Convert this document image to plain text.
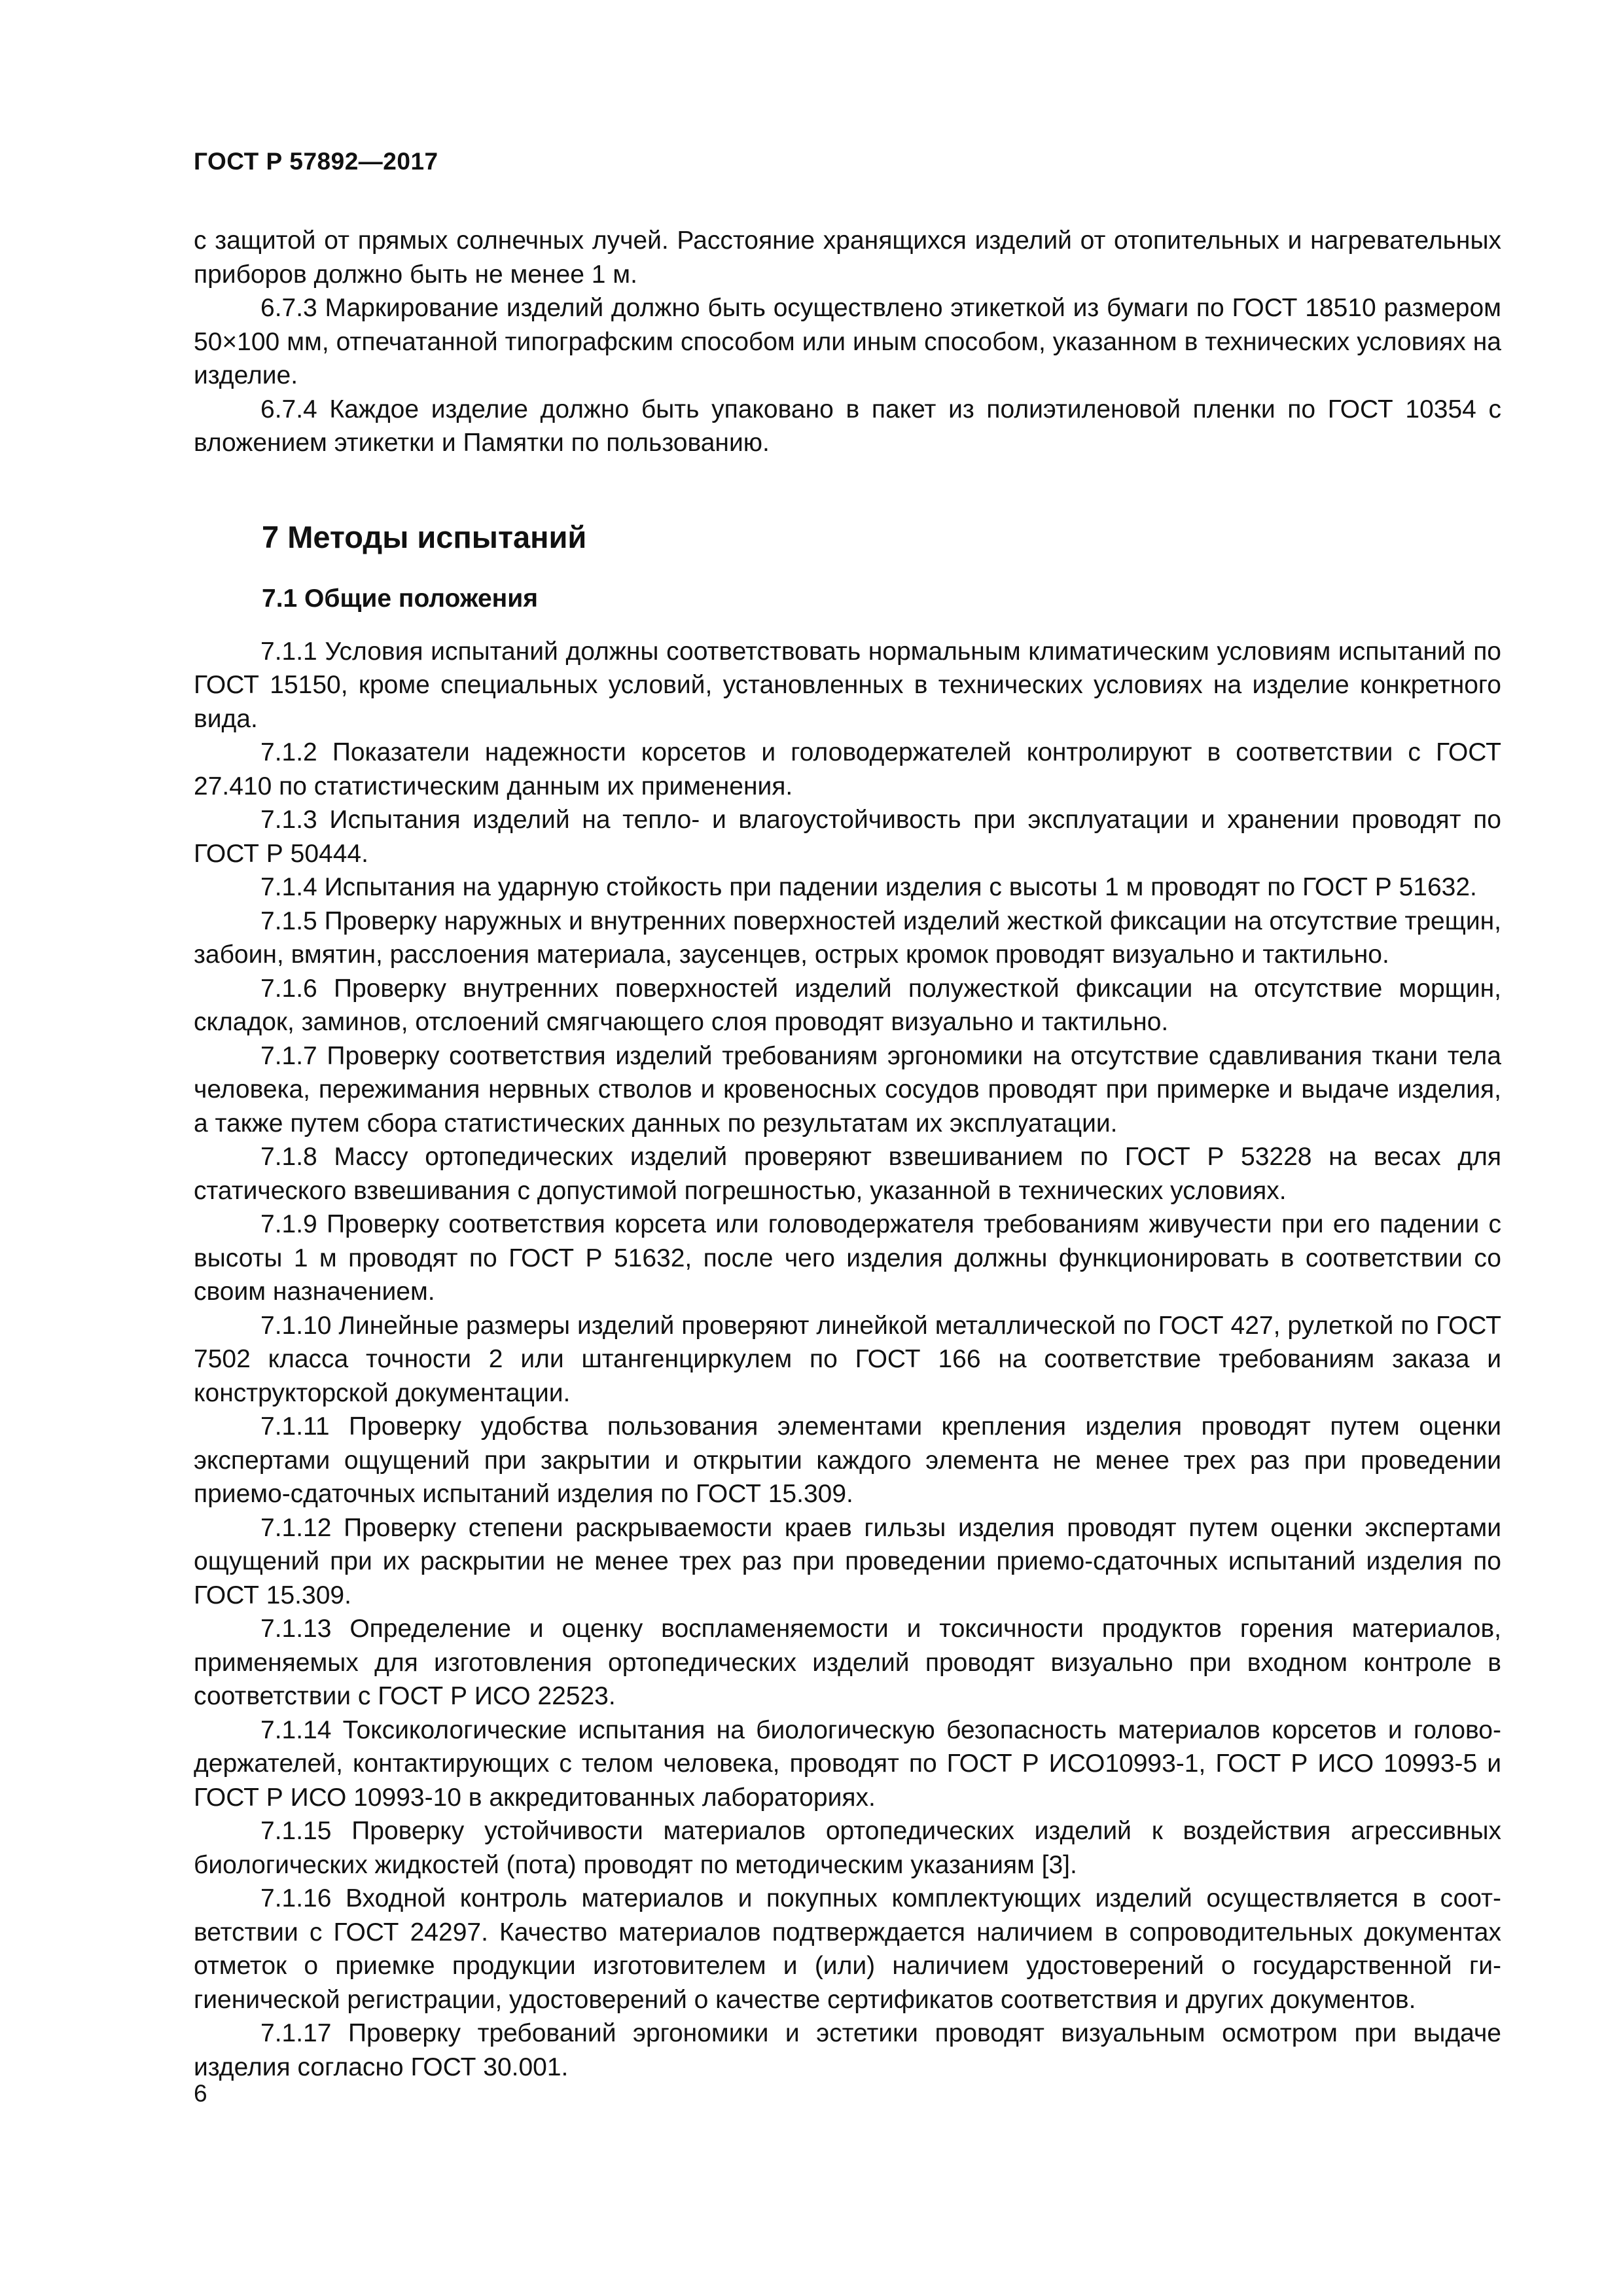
ГОСТ Р 57892—2017

с защитой от прямых солнечных лучей. Расстояние хранящихся изделий от отопительных и нагревательных приборов должно быть не менее 1 м.

6.7.3 Маркирование изделий должно быть осуществлено этикеткой из бумаги по ГОСТ 18510 размером 50×100 мм, отпечатанной типографским способом или иным способом, указанном в технических условиях на изделие.

6.7.4 Каждое изделие должно быть упаковано в пакет из полиэтиленовой пленки по ГОСТ 10354 с вложением этикетки и Памятки по пользованию.

7 Методы испытаний
7.1 Общие положения

7.1.1 Условия испытаний должны соответствовать нормальным климатическим условиям испытаний по ГОСТ 15150, кроме специальных условий, установленных в технических условиях на изделие конкретного вида.

7.1.2 Показатели надежности корсетов и головодержателей контролируют в соответствии с ГОСТ 27.410 по статистическим данным их применения.

7.1.3 Испытания изделий на тепло- и влагоустойчивость при эксплуатации и хранении проводят по ГОСТ Р 50444.

7.1.4 Испытания на ударную стойкость при падении изделия с высоты 1 м проводят по ГОСТ Р 51632.

7.1.5 Проверку наружных и внутренних поверхностей изделий жесткой фиксации на отсутствие трещин, забоин, вмятин, расслоения материала, заусенцев, острых кромок проводят визуально и тактильно.

7.1.6 Проверку внутренних поверхностей изделий полужесткой фиксации на отсутствие морщин, складок, заминов, отслоений смягчающего слоя проводят визуально и тактильно.

7.1.7 Проверку соответствия изделий требованиям эргономики на отсутствие сдавливания ткани тела человека, пережимания нервных стволов и кровеносных сосудов проводят при примерке и выдаче изделия, а также путем сбора статистических данных по результатам их эксплуатации.

7.1.8 Массу ортопедических изделий проверяют взвешиванием по ГОСТ Р 53228 на весах для статического взвешивания с допустимой погрешностью, указанной в технических условиях.

7.1.9 Проверку соответствия корсета или головодержателя требованиям живучести при его падении с высоты 1 м проводят по ГОСТ Р 51632, после чего изделия должны функционировать в соответствии со своим назначением.

7.1.10 Линейные размеры изделий проверяют линейкой металлической по ГОСТ 427, рулеткой по ГОСТ 7502 класса точности 2 или штангенциркулем по ГОСТ 166 на соответствие требованиям заказа и конструкторской документации.

7.1.11 Проверку удобства пользования элементами крепления изделия проводят путем оценки экспертами ощущений при закрытии и открытии каждого элемента не менее трех раз при проведении приемо-сдаточных испытаний изделия по ГОСТ 15.309.

7.1.12 Проверку степени раскрываемости краев гильзы изделия проводят путем оценки экспертами ощущений при их раскрытии не менее трех раз при проведении приемо-сдаточных испытаний изделия по ГОСТ 15.309.

7.1.13 Определение и оценку воспламеняемости и токсичности продуктов горения материалов, применяемых для изготовления ортопедических изделий проводят визуально при входном контроле в соответствии с ГОСТ Р ИСО 22523.

7.1.14 Токсикологические испытания на биологическую безопасность материалов корсетов и головодержателей, контактирующих с телом человека, проводят по ГОСТ Р ИСО10993-1, ГОСТ Р ИСО 10993-5 и ГОСТ Р ИСО 10993-10 в аккредитованных лабораториях.

7.1.15 Проверку устойчивости материалов ортопедических изделий к воздействия агрессивных биологических жидкостей (пота) проводят по методическим указаниям [3].

7.1.16 Входной контроль материалов и покупных комплектующих изделий осуществляется в соответствии с ГОСТ 24297. Качество материалов подтверждается наличием в сопроводительных документах отметок о приемке продукции изготовителем и (или) наличием удостоверений о государственной гигиенической регистрации, удостоверений о качестве сертификатов соответствия и других документов.

7.1.17 Проверку требований эргономики и эстетики проводят визуальным осмотром при выдаче изделия согласно ГОСТ 30.001.

6
